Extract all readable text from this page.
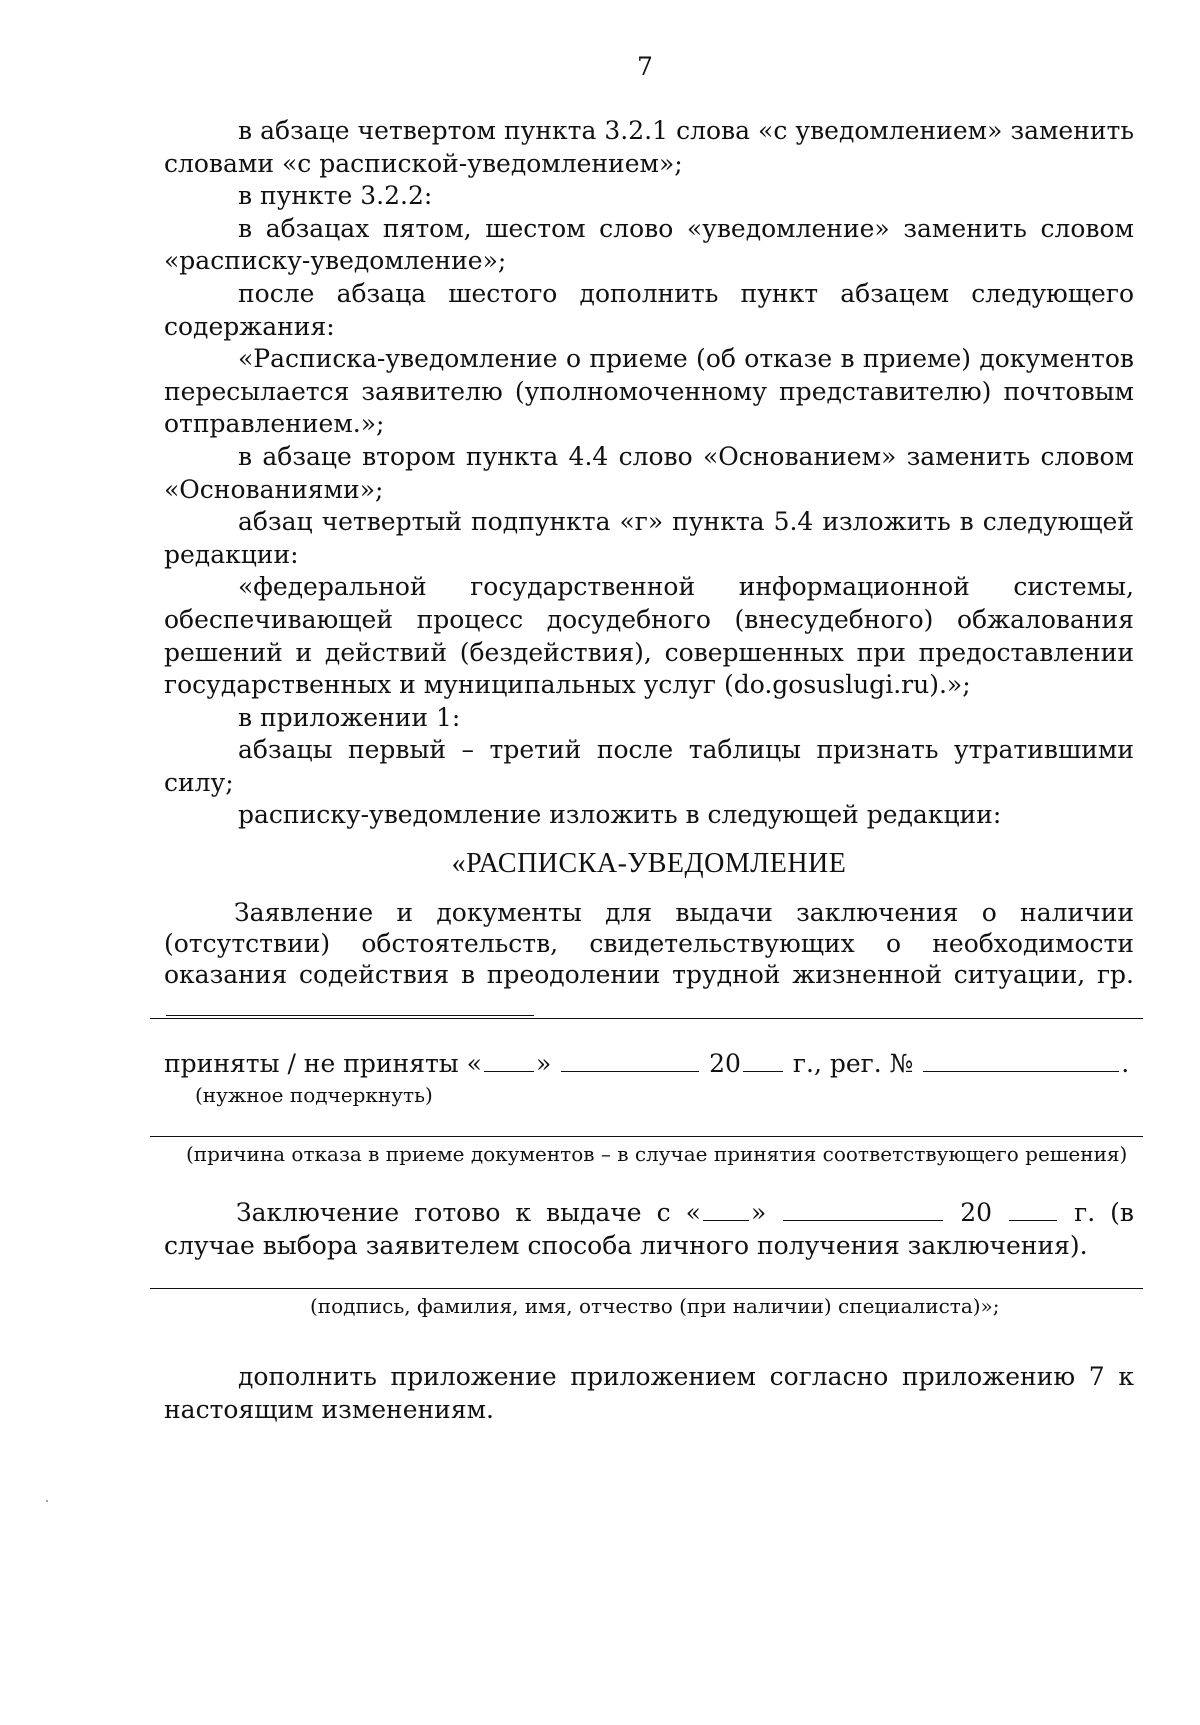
7

в абзаце четвертом пункта 3.2.1 слова «с уведомлением» заменить словами «с распиской-уведомлением»;

в пункте 3.2.2:

в абзацах пятом, шестом слово «уведомление» заменить словом «расписку-уведомление»;

после абзаца шестого дополнить пункт абзацем следующего содержания:

«Расписка-уведомление о приеме (об отказе в приеме) документов пересылается заявителю (уполномоченному представителю) почтовым отправлением.»;

в абзаце втором пункта 4.4 слово «Основанием» заменить словом «Основаниями»;

абзац четвертый подпункта «г» пункта 5.4 изложить в следующей редакции:

«федеральной государственной информационной системы, обеспечивающей процесс досудебного (внесудебного) обжалования решений и действий (бездействия), совершенных при предоставлении государственных и муниципальных услуг (do.gosuslugi.ru).»;

в приложении 1:

абзацы первый – третий после таблицы признать утратившими силу;

расписку-уведомление изложить в следующей редакции:

«РАСПИСКА-УВЕДОМЛЕНИЕ
Заявление и документы для выдачи заключения о наличии (отсутствии) обстоятельств, свидетельствующих о необходимости оказания содействия в преодолении трудной жизненной ситуации, гр.
приняты / не приняты « »	20 г., рег. №	.
(нужное подчеркнуть)
(причина отказа в приеме документов – в случае принятия соответствующего решения)
Заключение готово к выдаче с « »	20	г. (в случае выбора заявителем способа личного получения заключения).
(подпись, фамилия, имя, отчество (при наличии) специалиста)»;
дополнить приложение приложением согласно приложению 7 к настоящим изменениям.
